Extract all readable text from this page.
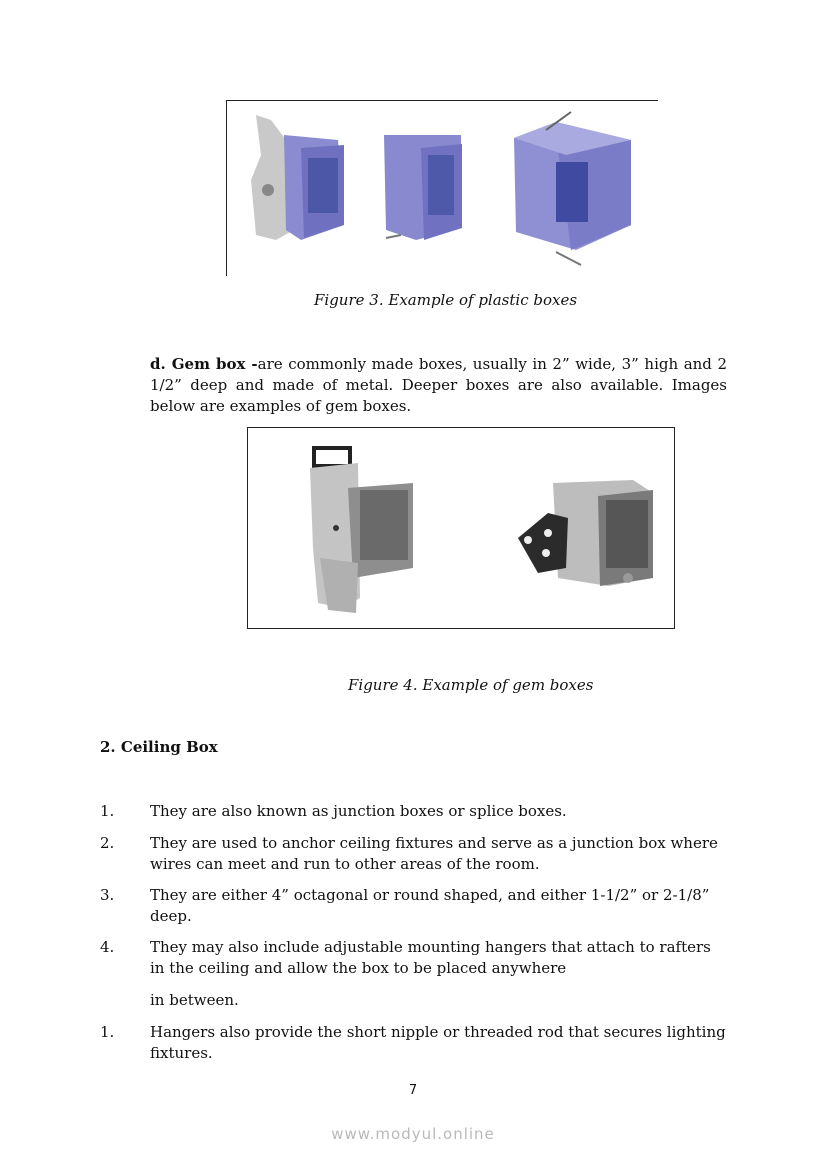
Figure 3. Example of plastic boxes
d. Gem box -are commonly made boxes, usually in 2” wide, 3” high and 2 1/2” deep and made of metal. Deeper boxes are also available. Images below are examples of gem boxes.
Figure 4. Example of gem boxes
2. Ceiling Box
1. They are also known as junction boxes or splice boxes.
2. They are used to anchor ceiling fixtures and serve as a junction box where wires can meet and run to other areas of the room.
3. They are either 4” octagonal or round shaped, and either 1-1/2” or 2-1/8” deep.
4. They may also include adjustable mounting hangers that attach to rafters in the ceiling and allow the box to be placed anywhere
in between.
1. Hangers also provide the short nipple or threaded rod that secures lighting fixtures.
7
www.modyul.online
